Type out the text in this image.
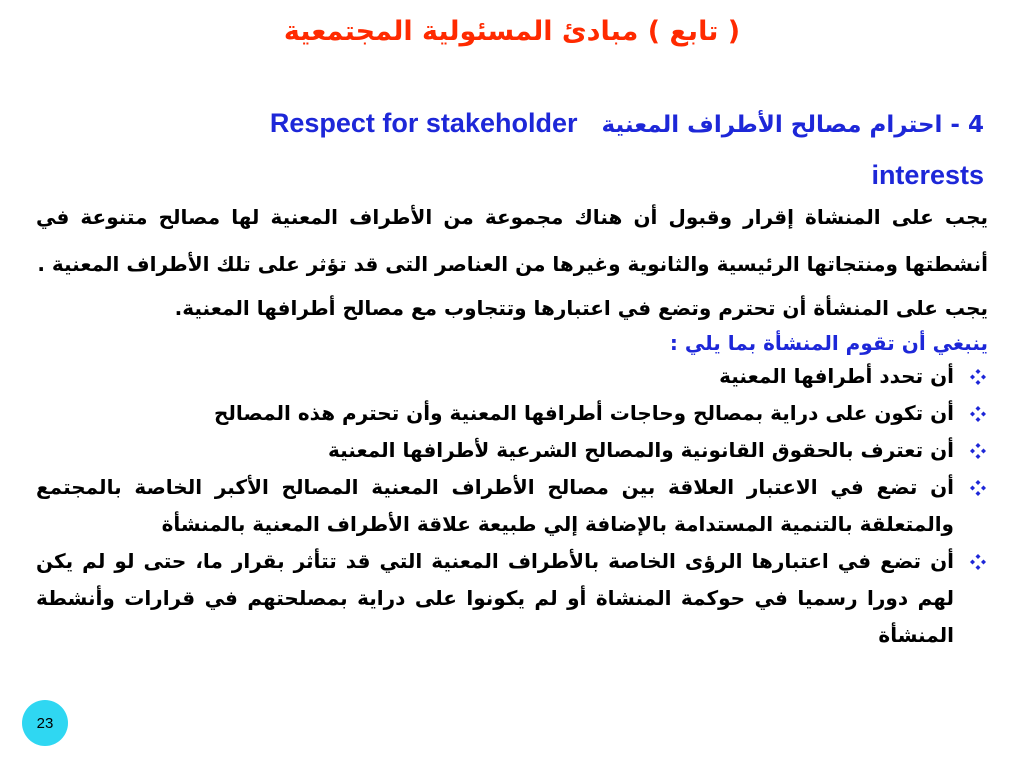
( تابع ) مبادئ المسئولية المجتمعية
4 - احترام مصالح الأطراف المعنية   Respect for stakeholder interests

يجب على المنشاة إقرار وقبول أن هناك مجموعة من الأطراف المعنية لها مصالح متنوعة في أنشطتها ومنتجاتها الرئيسية والثانوية وغيرها من العناصر التى قد تؤثر على تلك الأطراف المعنية .

يجب على المنشأة أن تحترم وتضع في اعتبارها وتتجاوب مع مصالح أطرافها المعنية.

ينبغي أن تقوم المنشأة بما يلي :

أن تحدد أطرافها المعنية
أن تكون على دراية بمصالح وحاجات أطرافها المعنية وأن تحترم هذه المصالح
أن تعترف بالحقوق القانونية والمصالح الشرعية لأطرافها المعنية
أن تضع في الاعتبار العلاقة بين مصالح الأطراف المعنية المصالح الأكبر الخاصة بالمجتمع والمتعلقة بالتنمية المستدامة بالإضافة إلي طبيعة علاقة الأطراف المعنية بالمنشأة
أن تضع في اعتبارها الرؤى الخاصة بالأطراف المعنية التي قد تتأثر بقرار ما، حتى لو لم يكن لهم دورا رسميا في حوكمة المنشاة أو لم يكونوا على دراية بمصلحتهم في قرارات وأنشطة المنشأة
23
